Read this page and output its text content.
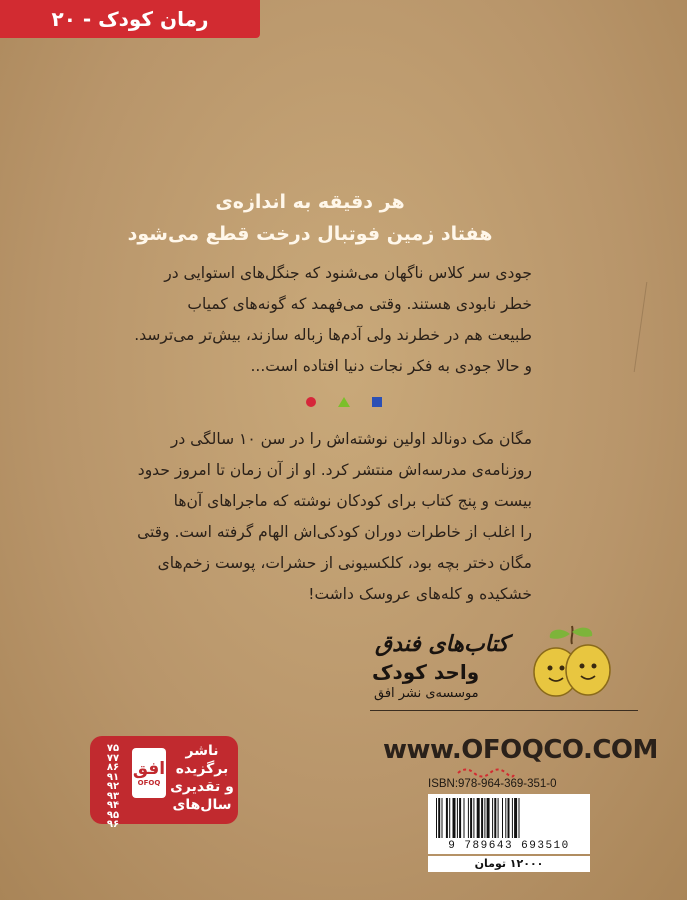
رمان کودک - ۲۰
هر دقیقه به اندازه‌ی
هفتاد زمین فوتبال درخت قطع می‌شود
جودی سر کلاس ناگهان می‌شنود که جنگل‌های استوایی در
خطر نابودی هستند. وقتی می‌فهمد که گونه‌های کمیاب
طبیعت هم در خطرند ولی آدم‌ها زباله سازند، بیش‌تر می‌ترسد.
و حالا جودی به فکر نجات دنیا افتاده است...
مگان مک دونالد اولین نوشته‌اش را در سن ۱۰ سالگی در
روزنامه‌ی مدرسه‌اش منتشر کرد. او از آن زمان تا امروز حدود
بیست و پنج کتاب برای کودکان نوشته که ماجراهای آن‌ها
را اغلب از خاطرات دوران کودکی‌اش الهام گرفته است. وقتی
مگان دختر بچه بود، کلکسیونی از حشرات، پوست زخم‌های
خشکیده و کله‌های عروسک داشت!
کتاب‌های فندق
واحد کودک
موسسه‌ی نشر افق
www.OFOQCO.COM
۷۵
۷۷
۸۶
۹۱
۹۲
۹۳
۹۴
۹۵
۹۶
افق
OFOQ
ناشر
برگزیده
و تقدیری
سال‌های
ISBN:978-964-369-351-0
9 789643 693510
۱۲۰۰۰ تومان
